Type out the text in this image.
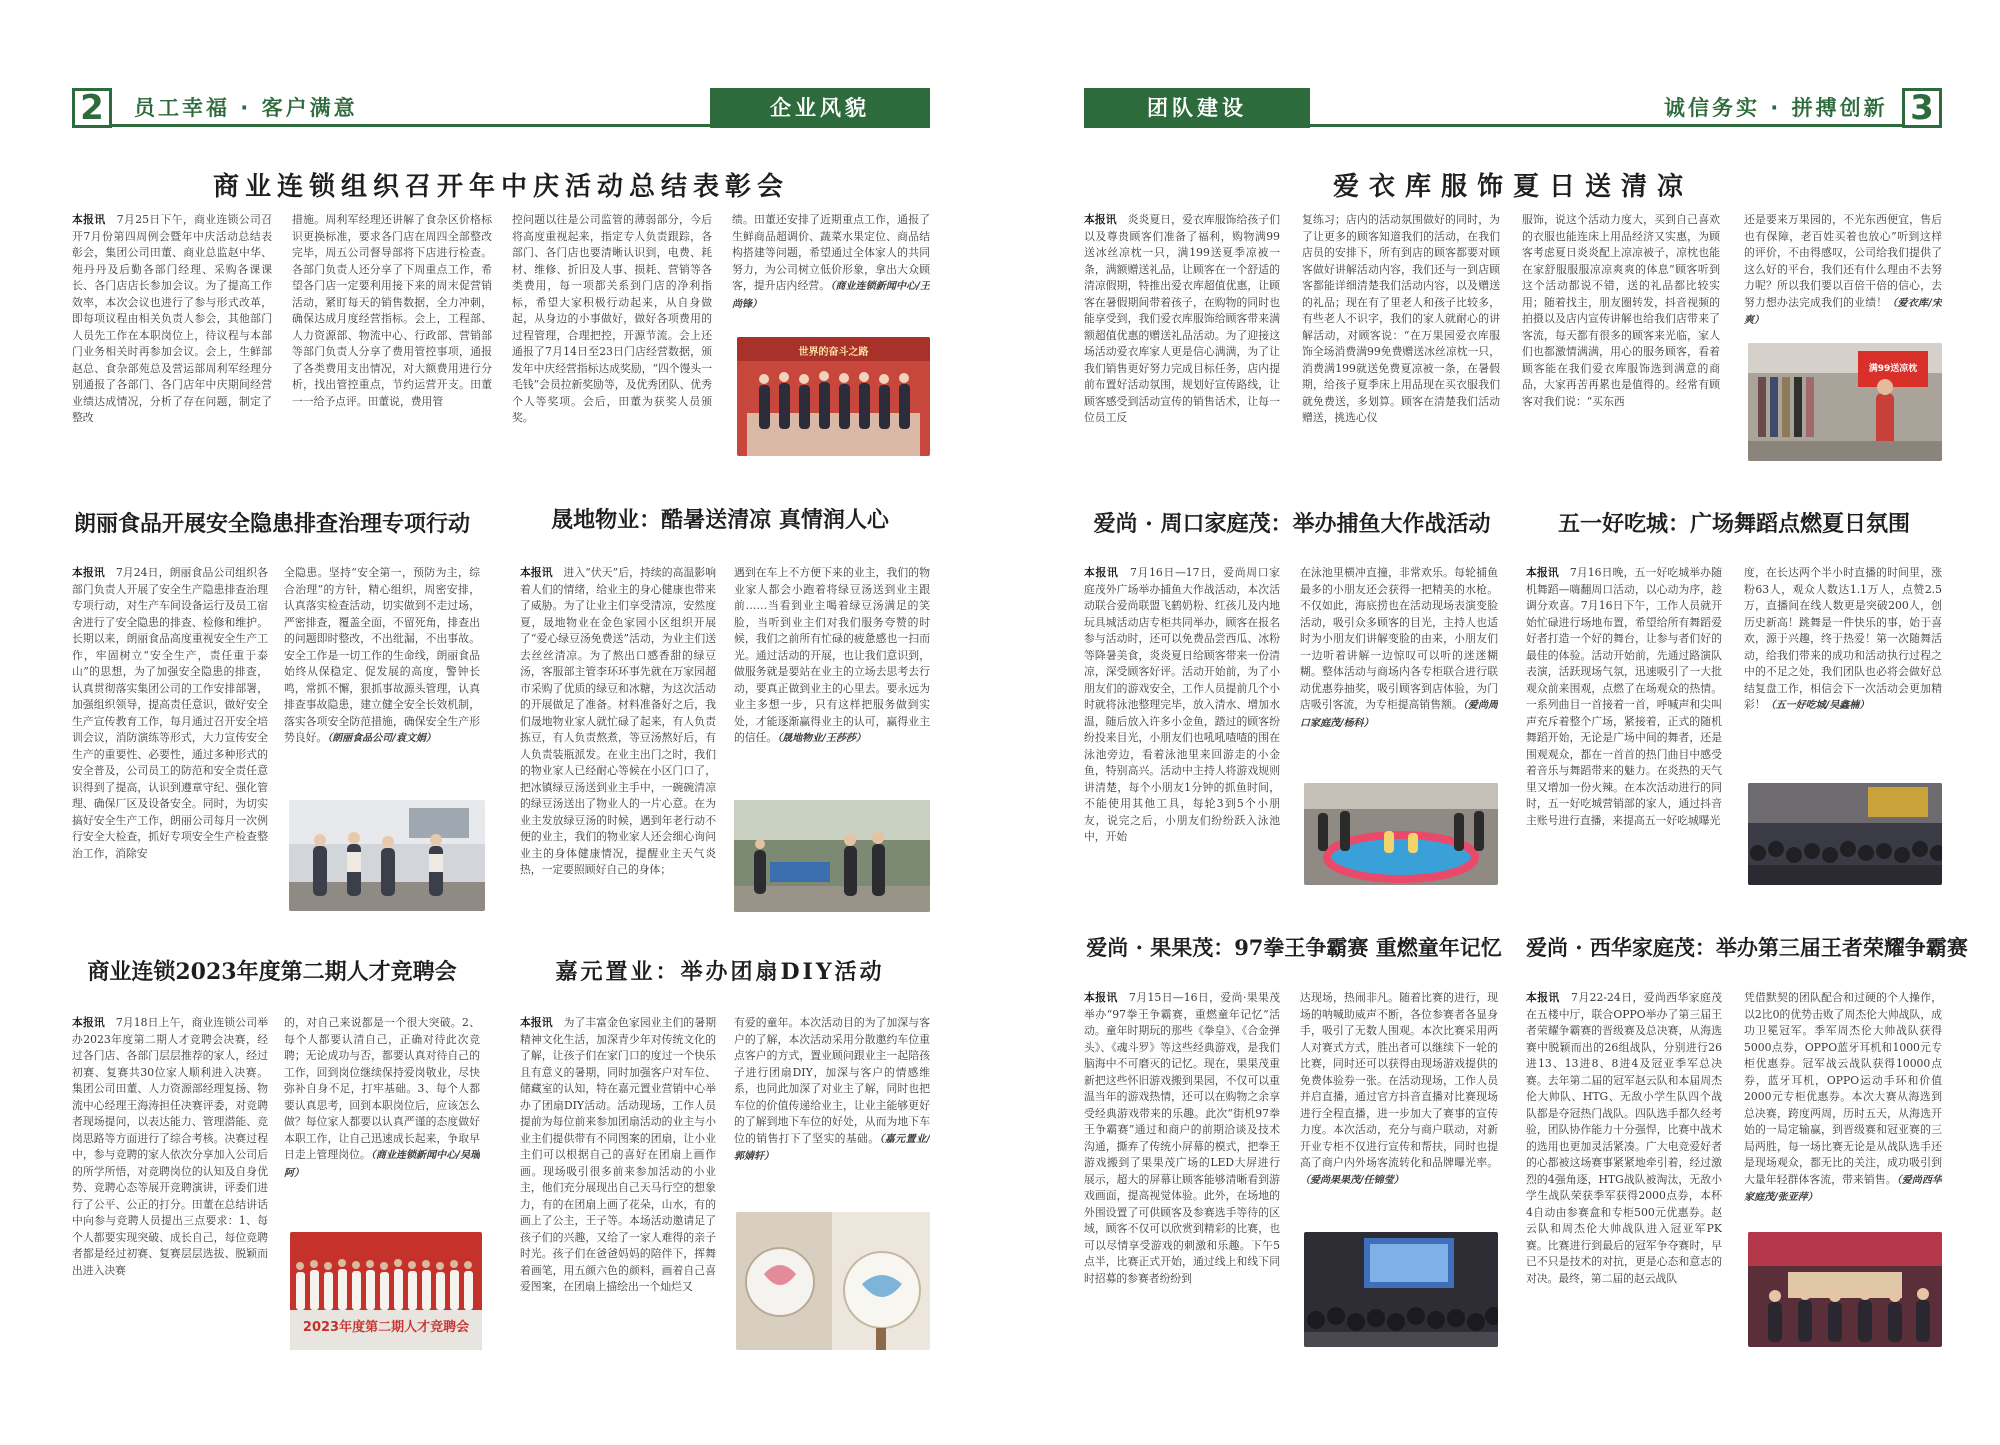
2	员工幸福 · 客户满意	企业风貌
商业连锁组织召开年中庆活动总结表彰会
本报讯　 7月25日下午，商业连锁公司召开7月份第四周例会暨年中庆活动总结表彰会，集团公司田董、商业总监赵中华、苑丹丹及后勤各部门经理、采购各课课长、各门店店长参加会议。为了提高工作效率，本次会议也进行了参与形式改革，即每项议程由相关负责人参会，其他部门人员先工作在本职岗位上，待议程与本部门业务相关时再参加会议。会上，生鲜部赵总、食杂部苑总及营运部周利军经理分别通报了各部门、各门店年中庆期间经营业绩达成情况，分析了存在问题，制定了整改
措施。周利军经理还讲解了食杂区价格标识更换标准，要求各门店在周四全部整改完毕，周五公司督导部将下店进行检查。各部门负责人还分享了下周重点工作，希望各门店一定要利用接下来的周末促营销活动，紧盯每天的销售数据，全力冲刺，确保达成月度经营指标。会上，工程部、人力资源部、物流中心、行政部、营销部等部门负责人分享了费用管控事项，通报了各类费用支出情况，对大额费用进行分析，找出管控重点，节约运营开支。田董一一给予点评。田董说，费用管
控问题以往是公司监管的薄弱部分，今后将高度重视起来，指定专人负责跟踪，各部门、各门店也要清晰认识到，电费、耗材、维修、折旧及人事、损耗、营销等各类费用，每一项都关系到门店的净利指标，希望大家积极行动起来，从自身做起，从身边的小事做好，做好各项费用的过程管理，合理把控，开源节流。会上还通报了7月14日至23日门店经营数据，颁发年中庆经营指标达成奖励，“四个馒头一毛钱”会员拉新奖励等，及优秀团队、优秀个人等奖项。会后，田董为获奖人员颁奖。
绩。田董还安排了近期重点工作，通报了生鲜商品超调价、蔬菜水果定位、商品结构搭建等问题，希望通过全体家人的共同努力，为公司树立低价形象，拿出大众顾客，提升店内经营。（商业连锁新闻中心/王尚锋）
世界的奋斗之路
朗丽食品开展安全隐患排查治理专项行动
本报讯　 7月24日，朗丽食品公司组织各部门负责人开展了安全生产隐患排查治理专项行动，对生产车间设备运行及员工宿舍进行了安全隐患的排查、检修和维护。长期以来，朗丽食品高度重视安全生产工作，牢固树立“安全生产，责任重于泰山”的思想，为了加强安全隐患的排查，认真贯彻落实集团公司的工作安排部署，加强组织领导，提高责任意识，做好安全生产宣传教育工作，每月通过召开安全培训会议，消防演练等形式，大力宣传安全生产的重要性、必要性，通过多种形式的安全普及，公司员工的防范和安全责任意识得到了提高，认识到遵章守纪、强化管理、确保厂区及设备安全。同时，为切实搞好安全生产工作，朗丽公司每月一次例行安全大检查，抓好专项安全生产检查整治工作，消除安
全隐患。坚持“安全第一，预防为主，综合治理”的方针，精心组织，周密安排，认真落实检查活动，切实做到不走过场，严密排查，覆盖全面，不留死角，排查出的问题即时整改，不出纰漏，不出事故。安全工作是一切工作的生命线，朗丽食品始终从保稳定、促发展的高度，警钟长鸣，常抓不懈，狠抓事故源头管理，认真排查事故隐患，建立健全安全长效机制，落实各项安全防范措施，确保安全生产形势良好。（朗丽食品公司/袁文娟）
晟地物业：酷暑送清凉 真情润人心
本报讯　 进入“伏天”后，持续的高温影响着人们的情绪，给业主的身心健康也带来了威胁。为了让业主们享受清凉，安然度夏，晟地物业在金色家园小区组织开展了“爱心绿豆汤免费送”活动，为业主们送去丝丝清凉。为了熬出口感香甜的绿豆汤，客服部主管李环环事先就在万家园超市采购了优质的绿豆和冰糖，为这次活动的开展做足了准备。材料准备好之后，我们晟地物业家人就忙碌了起来，有人负责拣豆，有人负责熬煮，等豆汤熬好后，有人负责装瓶派发。在业主出门之时，我们的物业家人已经耐心等候在小区门口了，把冰镇绿豆汤送到业主手中，一碗碗清凉的绿豆汤送出了物业人的一片心意。在为业主发放绿豆汤的时候，遇到年老行动不便的业主，我们的物业家人还会细心询问业主的身体健康情况，提醒业主天气炎热，一定要照顾好自己的身体；
遇到在车上不方便下来的业主，我们的物业家人都会小跑着将绿豆汤送到业主跟前……当看到业主喝着绿豆汤满足的笑脸，当听到业主们对我们服务夸赞的时候，我们之前所有忙碌的疲惫感也一扫而光。通过活动的开展，也让我们意识到，做服务就是要站在业主的立场去思考去行动，要真正做到业主的心里去。要永远为业主多想一步，只有这样把服务做到实处，才能逐渐赢得业主的认可，赢得业主的信任。（晟地物业/王莎莎）
商业连锁2023年度第二期人才竞聘会
本报讯　 7月18日上午，商业连锁公司举办2023年度第二期人才竞聘会决赛，经过各门店、各部门层层推荐的家人，经过初赛、复赛共30位家人顺利进入决赛。集团公司田董、人力资源部经理复扬、物流中心经理王海涛担任决赛评委，对竞聘者现场提问，以表达能力、管理潜能、竞岗思路等方面进行了综合考核。决赛过程中，参与竞聘的家人依次分享加入公司后的所学所悟，对竞聘岗位的认知及自身优势、竞聘心态等展开竞聘演讲，评委们进行了公平、公正的打分。田董在总结讲话中向参与竞聘人员提出三点要求：1、每个人都要实现突破、成长自己，每位竞聘者都是经过初赛、复赛层层选拔、脱颖而出进入决赛
的，对自己来说都是一个很大突破。2、每个人都要认清自己，正确对待此次竞聘；无论成功与否，都要认真对待自己的工作，回到岗位继续保持爱岗敬业，尽快弥补自身不足，打牢基础。3、每个人都要认真思考，回到本职岗位后，应该怎么做？每位家人都要以认真严谨的态度做好本职工作，让自己迅速成长起来，争取早日走上管理岗位。（商业连锁新闻中心/吴瑞阿）
2023年度第二期人才竞聘会
嘉元置业：举办团扇DIY活动
本报讯　 为了丰富金色家园业主们的暑期精神文化生活，加深青少年对传统文化的了解，让孩子们在家门口的度过一个快乐且有意义的暑期，同时加强客户对车位、储藏室的认知，特在嘉元置业营销中心举办了团扇DIY活动。活动现场，工作人员提前为每位前来参加团扇活动的业主与小业主们提供带有不同图案的团扇，让小业主们可以根据自己的喜好在团扇上画作画。现场吸引很多前来参加活动的小业主，他们充分展现出自己天马行空的想象力，有的在团扇上画了花朵，山水，有的画上了公主，王子等。本场活动邀请足了孩子们的兴趣，又给了一家人难得的亲子时光。孩子们在爸爸妈妈的陪伴下，挥舞着画笔，用五颜六色的颜料，画着自己喜爱图案，在团扇上描绘出一个灿烂又
有爱的童年。本次活动目的为了加深与客户的了解，本次活动采用分散邀约车位重点客户的方式，置业顾问跟业主一起陪孩子进行团扇DIY，加深与客户的情感维系，也同此加深了对业主了解，同时也把车位的价值传递给业主，让业主能够更好的了解到地下车位的好处，从而为地下车位的销售打下了坚实的基础。（嘉元置业/郭婧轩）
团队建设	诚信务实 · 拼搏创新 3
爱衣库服饰夏日送清凉
本报讯　 炎炎夏日，爱衣库服饰给孩子们以及尊贵顾客们准备了福利，购物满99送冰丝凉枕一只，满199送夏季凉被一条，满额赠送礼品，让顾客在一个舒适的清凉假期，特推出爱衣库超值优惠，让顾客在暑假期间带着孩子，在购物的同时也能享受到，我们爱衣库服饰给顾客带来满额超值优惠的赠送礼品活动。为了迎接这场活动爱衣库家人更是信心满满，为了让我们销售更好努力完成目标任务，店内提前布置好活动氛围，规划好宣传路线，让顾客感受到活动宣传的销售话术，让每一位员工反
复练习；店内的活动氛围做好的同时，为了让更多的顾客知道我们的活动，在我们店员的安排下，所有到店的顾客都要对顾客做好讲解活动内容，我们还与一到店顾客都能详细清楚我们活动内容，以及赠送的礼品；现在有了里老人和孩子比较多，有些老人不识字，我们的家人就耐心的讲解活动，对顾客说：“在万果园爱衣库服饰全场消费满99免费赠送冰丝凉枕一只，消费满199就送免费夏凉被一条，在暑假期，给孩子夏季床上用品现在买衣服我们就免费送，多划算。顾客在清楚我们活动赠送，挑选心仪
服饰，说这个活动力度大，买到自己喜欢的衣服也能连床上用品经济又实惠，为顾客考虑夏日炎炎配上凉凉被子，凉枕也能在家舒服服服凉凉爽爽的体息”顾客听到这个活动都说不错，送的礼品都比较实用；随着找主，朋友圈转发，抖音视频的拍摄以及店内宣传讲解也给我们店带来了客流，每天都有很多的顾客来光临，家人们也都激情满满，用心的服务顾客，看着顾客能在我们爱衣库服饰选到满意的商品，大家再苦再累也是值得的。经常有顾客对我们说：“买东西
还是要来万果园的，不光东西便宜，售后也有保障，老百姓买着也放心”听到这样的评价，不由得感叹，公司给我们提供了这么好的平台，我们还有什么理由不去努力呢？所以我们要以百倍干倍的信心，去努力想办法完成我们的业绩！（爱衣库/宋爽）
满99送凉枕
爱尚 · 周口家庭茂：举办捕鱼大作战活动
本报讯　 7月16日—17日，爱尚周口家庭茂外广场举办捕鱼大作战活动，本次活动联合爱尚联盟飞鹤奶粉、红孩儿及内地玩具城活动店专柜共同举办，顾客在报名参与活动时，还可以免费品尝西瓜、冰粉等降暑美食，炎炎夏日给顾客带来一份清凉，深受顾客好评。活动开始前，为了小朋友们的游戏安全，工作人员提前几个小时就将泳池整理完毕，放入清水、增加水温，随后放入许多小金鱼，踏过的顾客纷纷投来目光，小朋友们也吼吼喳喳的围在泳池旁边，看着泳池里来回游走的小金鱼，特别高兴。活动中主持人将游戏规则讲清楚，每个小朋友1分钟的抓鱼时间，不能使用其他工具，每轮3到5个小朋友，说完之后，小朋友们纷纷跃入泳池中，开始
在泳池里横冲直撞，非常欢乐。每轮捕鱼最多的小朋友还会获得一把精美的水枪。不仅如此，海底捞也在活动现场表演变脸活动，吸引众多顾客的目光，主持人也适时为小朋友们讲解变脸的由来，小朋友们一边听着讲解一边惊叹可以听的迷迷糊糊。整体活动与商场内各专柜联合进行联动优惠券抽奖，吸引顾客到店体验，为门店吸引客流，为专柜提高销售额。（爱尚周口家庭茂/杨科）
五一好吃城：广场舞蹈点燃夏日氛围
本报讯　 7月16日晚，五一好吃城举办随机舞蹈—嗨翻周口活动，以心动为序，趁调分欢喜。7月16日下午，工作人员就开始忙碌进行场地布置，希望给所有舞蹈爱好者打造一个好的舞台，让参与者们好的最佳的体验。活动开始前，先通过路演队表演，活跃现场气氛，迅速吸引了一大批观众前来围观，点燃了在场观众的热情。一系列曲目一首接着一首，呼喊声和尖叫声充斥着整个广场，紧接着，正式的随机舞蹈开始，无论是广场中间的舞者，还是围观观众，都在一首首的热门曲目中感受着音乐与舞蹈带来的魅力。在炎热的天气里又增加一份火辣。在本次活动进行的同时，五一好吃城营销部的家人，通过抖音主账号进行直播，来提高五一好吃城曝光
度，在长达两个半小时直播的时间里，涨粉63人，观众人数达1.1万人，点赞2.5万，直播间在线人数更是突破200人，创历史新高！跳舞是一件快乐的事，始于喜欢，源于兴趣，终于热爱！第一次随舞活动，给我们带来的成功和活动执行过程之中的不足之处，我们团队也必将会做好总结复盘工作，相信会下一次活动会更加精彩！（五一好吃城/吴鑫楠）
爱尚 · 果果茂：97拳王争霸赛 重燃童年记忆
本报讯　 7月15日—16日，爱尚·果果茂举办“97拳王争霸赛，重燃童年记忆”活动。童年时期玩的那些《拳皇》、《合金弹头》、《魂斗罗》等这些经典游戏，是我们脑海中不可磨灭的记忆。现在，果果茂重新把这些怀旧游戏搬到果园，不仅可以重温当年的游戏热情，还可以在购物之余享受经典游戏带来的乐趣。此次“街机97拳王争霸赛”通过和商户的前期洽谈及技术沟通，撕弃了传统小屏幕的模式，把拳王游戏搬到了果果茂广场的LED大屏进行展示，超大的屏幕让顾客能够清晰看到游戏画面，提高视觉体验。此外，在场地的外围设置了可供顾客及参赛选手等待的区域，顾客不仅可以欣赏到精彩的比赛，也可以尽情享受游戏的刺激和乐趣。下午5点半，比赛正式开始，通过线上和线下同时招募的参赛者纷纷到
达现场，热闹非凡。随着比赛的进行，现场的呐喊助威声不断，各位参赛者各显身手，吸引了无数人围观。本次比赛采用两人对赛式方式，胜出者可以继续下一轮的比赛，同时还可以获得由现场游戏提供的免费体验券一张。在活动现场，工作人员并启直播，通过官方抖音直播对比赛现场进行全程直播，进一步加大了赛事的宣传力度。本次活动，充分与商户联动，对新开业专柜不仅进行宣传和帮扶，同时也提高了商户内外场客流转化和品牌曝光率。（爱尚果果茂/任锦莹）
爱尚 · 西华家庭茂：举办第三届王者荣耀争霸赛
本报讯　 7月22-24日，爱尚西华家庭茂在五楼中厅，联合OPPO举办了第三届王者荣耀争霸赛的晋级赛及总决赛，从海选赛中脱颖而出的26组战队，分别进行26进13、13进8、8进4及冠亚季军总决赛。去年第二届的冠军赵云队和本届周杰伦大帅队、HTG、无敌小学生队四个战队都是夺冠热门战队。四队选手都久经考验，团队协作能力十分强悍，比赛中战术的选用也更加灵活紧凑。广大电竞爱好者的心都被这场赛事紧紧地牵引着，经过激烈的4强角逐，HTG战队被淘汰，无敌小学生战队荣获季军获得2000点券，本杯4自动由参赛盒和专柜500元优惠券。赵云队和周杰伦大帅战队进入冠亚军PK赛。比赛进行到最后的冠军争夺赛时，早已不只是技术的对抗，更是心态和意志的对决。最终，第二届的赵云战队
凭借默契的团队配合和过硬的个人操作，以2比0的优势击败了周杰伦大帅战队，成功卫冕冠军。季军周杰伦大帅战队获得5000点券，OPPO蓝牙耳机和1000元专柜优惠券。冠军战云战队获得10000点券，蓝牙耳机，OPPO运动手环和价值2000元专柜优惠券。本次大赛从海选到总决赛，跨度两周，历时五天，从海选开始的一局定输赢，到晋级赛和冠亚赛的三局两胜，每一场比赛无论是从战队选手还是现场观众，都无比的关注，成功吸引到大量年轻群体客流，带来销售。（爱尚西华家庭茂/张亚萍）
